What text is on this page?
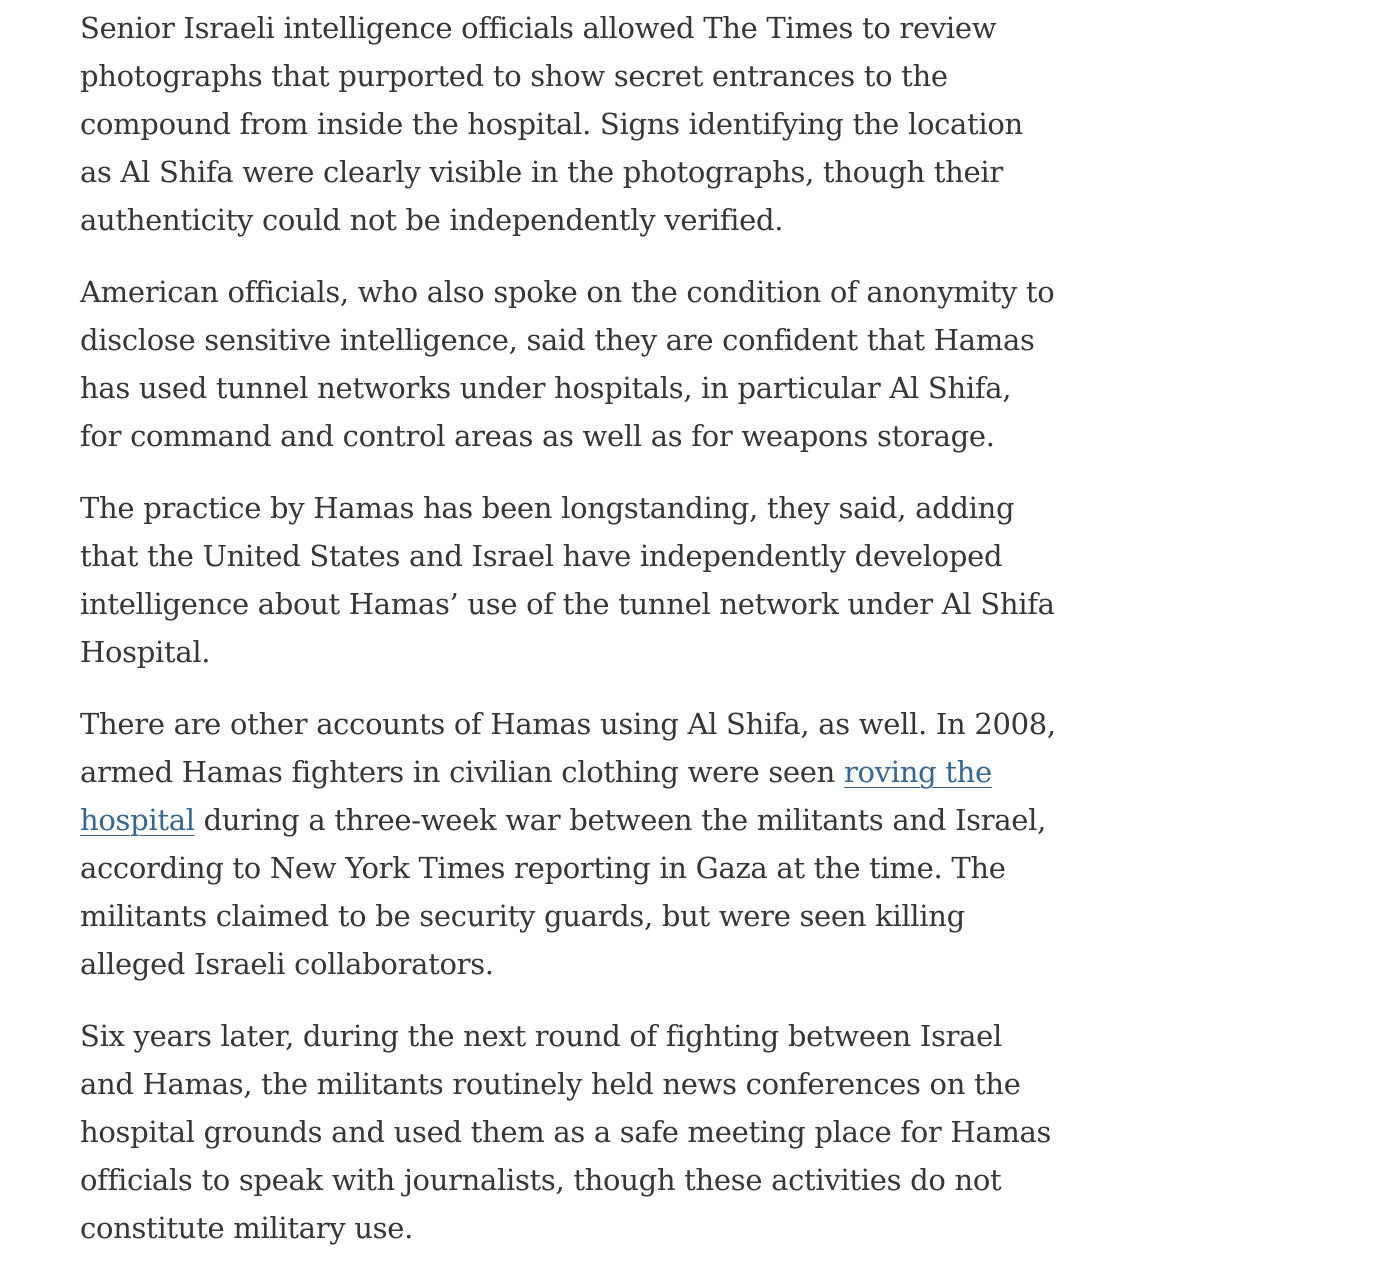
Senior Israeli intelligence officials allowed The Times to review photographs that purported to show secret entrances to the compound from inside the hospital. Signs identifying the location as Al Shifa were clearly visible in the photographs, though their authenticity could not be independently verified.

American officials, who also spoke on the condition of anonymity to disclose sensitive intelligence, said they are confident that Hamas has used tunnel networks under hospitals, in particular Al Shifa, for command and control areas as well as for weapons storage.

The practice by Hamas has been longstanding, they said, adding that the United States and Israel have independently developed intelligence about Hamas’ use of the tunnel network under Al Shifa Hospital.

There are other accounts of Hamas using Al Shifa, as well. In 2008, armed Hamas fighters in civilian clothing were seen roving the hospital during a three-week war between the militants and Israel, according to New York Times reporting in Gaza at the time. The militants claimed to be security guards, but were seen killing alleged Israeli collaborators.

Six years later, during the next round of fighting between Israel and Hamas, the militants routinely held news conferences on the hospital grounds and used them as a safe meeting place for Hamas officials to speak with journalists, though these activities do not constitute military use.
